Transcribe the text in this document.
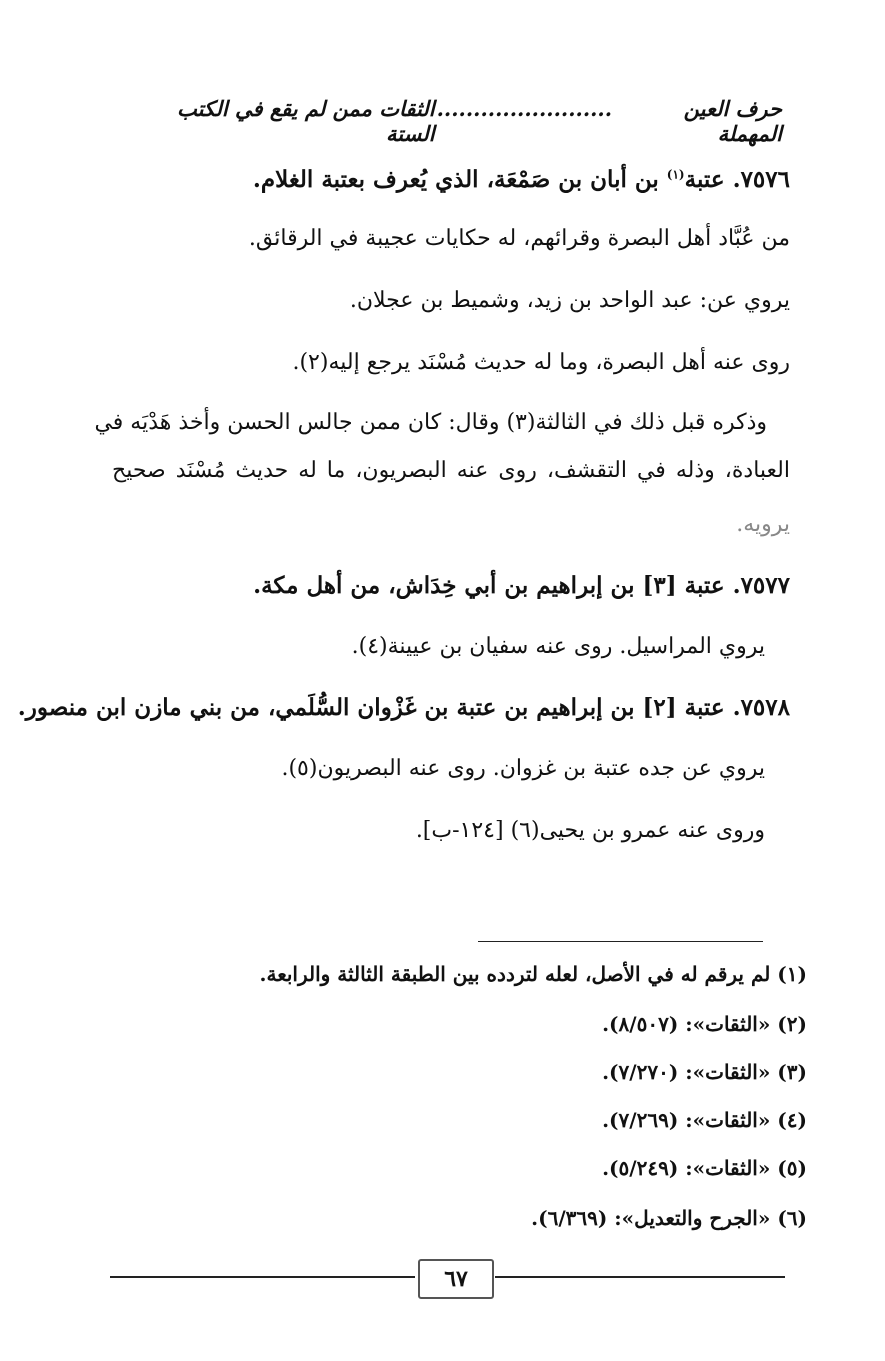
حرف العين المهملة
........................
الثقات ممن لم يقع في الكتب الستة
٧٥٧٦. عتبة$^{(١)}$ بن أبان بن صَمْعَة، الذي يُعرف بعتبة الغلام.
من عُبَّاد أهل البصرة وقرائهم، له حكايات عجيبة في الرقائق.
يروي عن: عبد الواحد بن زيد، وشميط بن عجلان.
روى عنه أهل البصرة، وما له حديث مُسْنَد يرجع إليه(٢).
وذكره قبل ذلك في الثالثة(٣) وقال: كان ممن جالس الحسن وأخذ هَدْيَه في
العبادة، وذله في التقشف، روى عنه البصريون، ما له حديث مُسْنَد صحيح
يرويه.
٧٥٧٧. عتبة [٣] بن إبراهيم بن أبي خِدَاش، من أهل مكة.
يروي المراسيل. روى عنه سفيان بن عيينة(٤).
٧٥٧٨. عتبة [٢] بن إبراهيم بن عتبة بن غَزْوان السُّلَمي، من بني مازن ابن منصور.
يروي عن جده عتبة بن غزوان. روى عنه البصريون(٥).
وروى عنه عمرو بن يحيى(٦) [١٢٤-ب].
(١) لم يرقم له في الأصل، لعله لتردده بين الطبقة الثالثة والرابعة.
(٢) «الثقات»: (٨/٥٠٧).
(٣) «الثقات»: (٧/٢٧٠).
(٤) «الثقات»: (٧/٢٦٩).
(٥) «الثقات»: (٥/٢٤٩).
(٦) «الجرح والتعديل»: (٦/٣٦٩).
٦٧
